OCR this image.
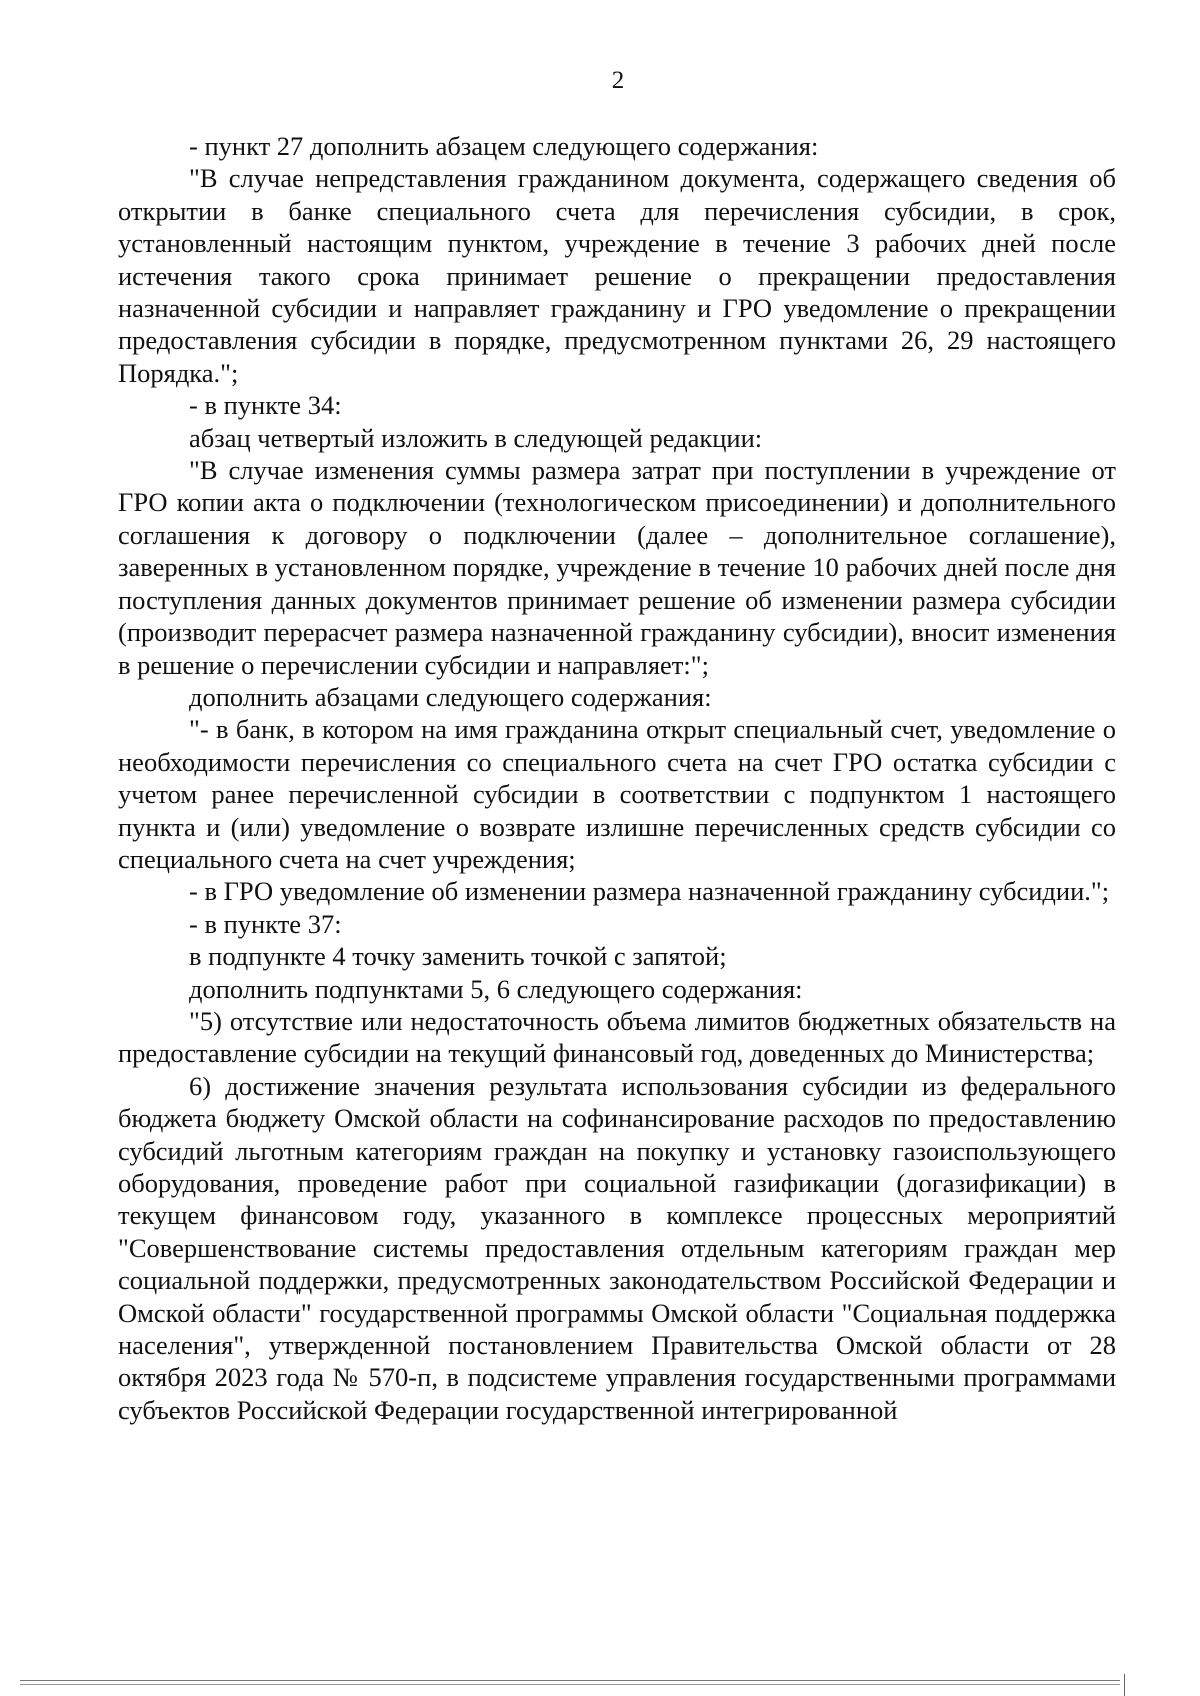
2

- пункт 27 дополнить абзацем следующего содержания:

"В случае непредставления гражданином документа, содержащего сведения об открытии в банке специального счета для перечисления субсидии, в срок, установленный настоящим пунктом, учреждение в течение 3 рабочих дней после истечения такого срока принимает решение о прекращении предоставления назначенной субсидии и направляет гражданину и ГРО уведомление о прекращении предоставления субсидии в порядке, предусмотренном пунктами 26, 29 настоящего Порядка.";

- в пункте 34:

абзац четвертый изложить в следующей редакции:

"В случае изменения суммы размера затрат при поступлении в учреждение от ГРО копии акта о подключении (технологическом присоединении) и дополнительного соглашения к договору о подключении (далее – дополнительное соглашение), заверенных в установленном порядке, учреждение в течение 10 рабочих дней после дня поступления данных документов принимает решение об изменении размера субсидии (производит перерасчет размера назначенной гражданину субсидии), вносит изменения в решение о перечислении субсидии и направляет:";

дополнить абзацами следующего содержания:

"- в банк, в котором на имя гражданина открыт специальный счет, уведомление о необходимости перечисления со специального счета на счет ГРО остатка субсидии с учетом ранее перечисленной субсидии в соответствии с подпунктом 1 настоящего пункта и (или) уведомление о возврате излишне перечисленных средств субсидии со специального счета на счет учреждения;

- в ГРО уведомление об изменении размера назначенной гражданину субсидии.";

- в пункте 37:

в подпункте 4 точку заменить точкой с запятой;

дополнить подпунктами 5, 6 следующего содержания:

"5) отсутствие или недостаточность объема лимитов бюджетных обязательств на предоставление субсидии на текущий финансовый год, доведенных до Министерства;

6) достижение значения результата использования субсидии из федерального бюджета бюджету Омской области на софинансирование расходов по предоставлению субсидий льготным категориям граждан на покупку и установку газоиспользующего оборудования, проведение работ при социальной газификации (догазификации) в текущем финансовом году, указанного в комплексе процессных мероприятий "Совершенствование системы предоставления отдельным категориям граждан мер социальной поддержки, предусмотренных законодательством Российской Федерации и Омской области" государственной программы Омской области "Социальная поддержка населения", утвержденной постановлением Правительства Омской области от 28 октября 2023 года № 570-п, в подсистеме управления государственными программами субъектов Российской Федерации государственной интегрированной
